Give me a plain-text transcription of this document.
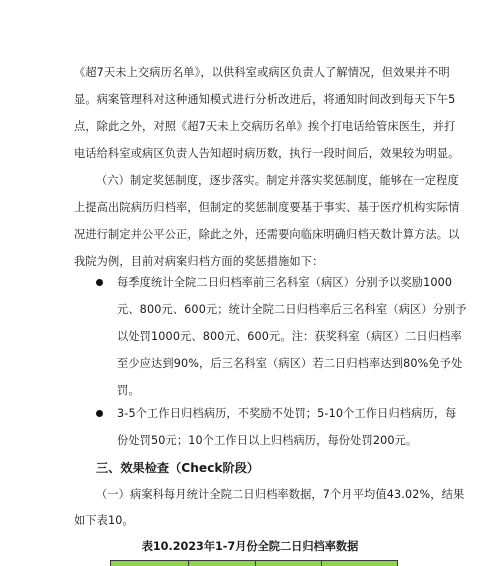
《超7天未上交病历名单》，以供科室或病区负责人了解情况，但效果并不明
显。病案管理科对这种通知模式进行分析改进后，将通知时间改到每天下午5
点，除此之外，对照《超7天未上交病历名单》挨个打电话给管床医生，并打
电话给科室或病区负责人告知超时病历数，执行一段时间后，效果较为明显。
（六）制定奖惩制度，逐步落实。制定并落实奖惩制度，能够在一定程度
上提高出院病历归档率，但制定的奖惩制度要基于事实、基于医疗机构实际情
况进行制定并公平公正，除此之外，还需要向临床明确归档天数计算方法。以
我院为例，目前对病案归档方面的奖惩措施如下：
每季度统计全院二日归档率前三名科室（病区）分别予以奖励1000
元、800元、600元；统计全院二日归档率后三名科室（病区）分别予
以处罚1000元、800元、600元。注：获奖科室（病区）二日归档率
至少应达到90%，后三名科室（病区）若二日归档率达到80%免予处
罚。
3-5个工作日归档病历，不奖励不处罚；5-10个工作日归档病历，每
份处罚50元；10个工作日以上归档病历，每份处罚200元。
三、效果检查（Check阶段）
（一）病案科每月统计全院二日归档率数据，7个月平均值43.02%，结果
如下表10。
表10.2023年1-7月份全院二日归档率数据
